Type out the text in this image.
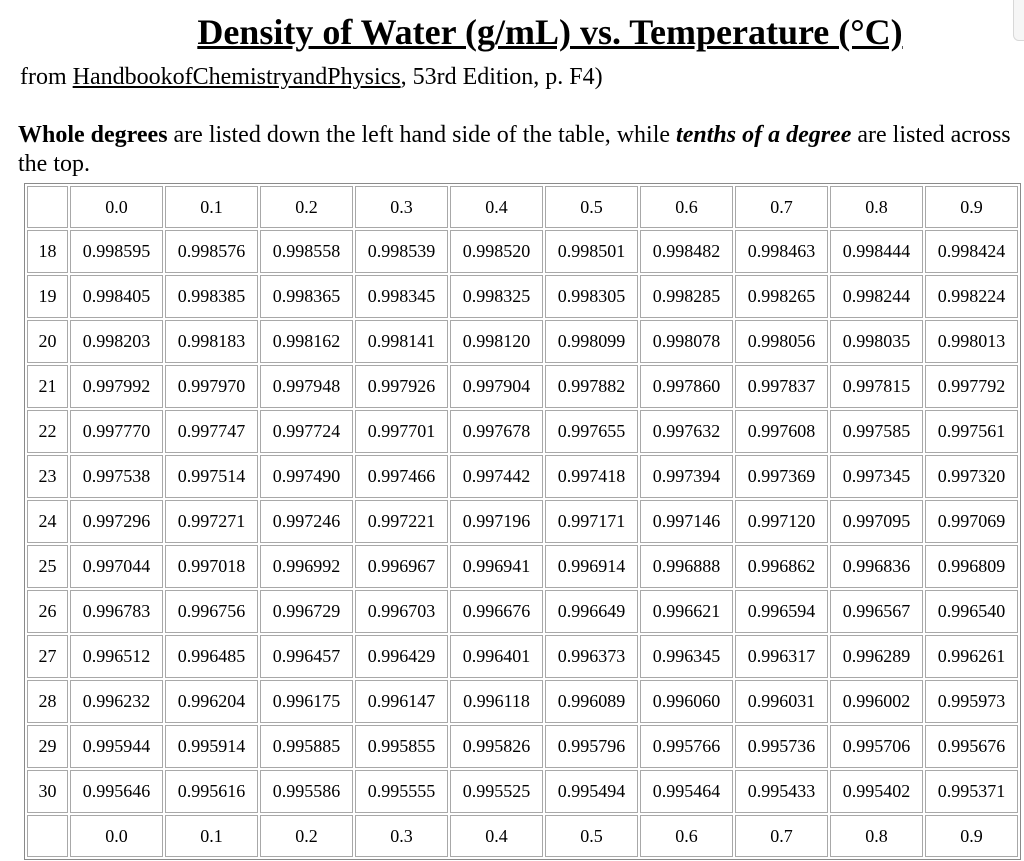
Density of Water (g/mL) vs. Temperature (°C)
from HandbookofChemistryandPhysics, 53rd Edition, p. F4)

Whole degrees are listed down the left hand side of the table, while tenths of a degree are listed across the top.

	0.0	0.1	0.2	0.3	0.4	0.5	0.6	0.7	0.8	0.9
18	0.998595	0.998576	0.998558	0.998539	0.998520	0.998501	0.998482	0.998463	0.998444	0.998424
19	0.998405	0.998385	0.998365	0.998345	0.998325	0.998305	0.998285	0.998265	0.998244	0.998224
20	0.998203	0.998183	0.998162	0.998141	0.998120	0.998099	0.998078	0.998056	0.998035	0.998013
21	0.997992	0.997970	0.997948	0.997926	0.997904	0.997882	0.997860	0.997837	0.997815	0.997792
22	0.997770	0.997747	0.997724	0.997701	0.997678	0.997655	0.997632	0.997608	0.997585	0.997561
23	0.997538	0.997514	0.997490	0.997466	0.997442	0.997418	0.997394	0.997369	0.997345	0.997320
24	0.997296	0.997271	0.997246	0.997221	0.997196	0.997171	0.997146	0.997120	0.997095	0.997069
25	0.997044	0.997018	0.996992	0.996967	0.996941	0.996914	0.996888	0.996862	0.996836	0.996809
26	0.996783	0.996756	0.996729	0.996703	0.996676	0.996649	0.996621	0.996594	0.996567	0.996540
27	0.996512	0.996485	0.996457	0.996429	0.996401	0.996373	0.996345	0.996317	0.996289	0.996261
28	0.996232	0.996204	0.996175	0.996147	0.996118	0.996089	0.996060	0.996031	0.996002	0.995973
29	0.995944	0.995914	0.995885	0.995855	0.995826	0.995796	0.995766	0.995736	0.995706	0.995676
30	0.995646	0.995616	0.995586	0.995555	0.995525	0.995494	0.995464	0.995433	0.995402	0.995371
	0.0	0.1	0.2	0.3	0.4	0.5	0.6	0.7	0.8	0.9
